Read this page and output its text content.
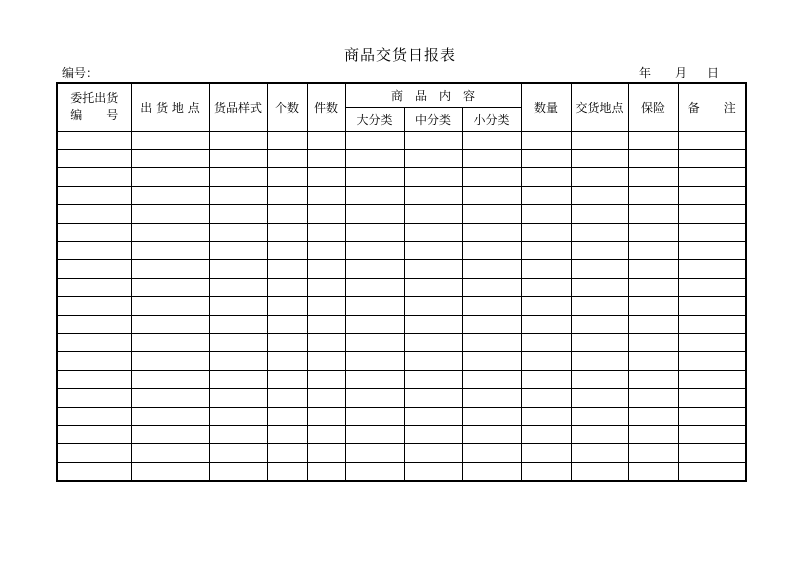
商品交货日报表
编号：	年 月 日
委托出货
编　　号	出 货 地 点	货品样式	个数	件数	商　品　内　容			数量	交货地点	保险	备　　注
					大分类	中分类	小分类				
